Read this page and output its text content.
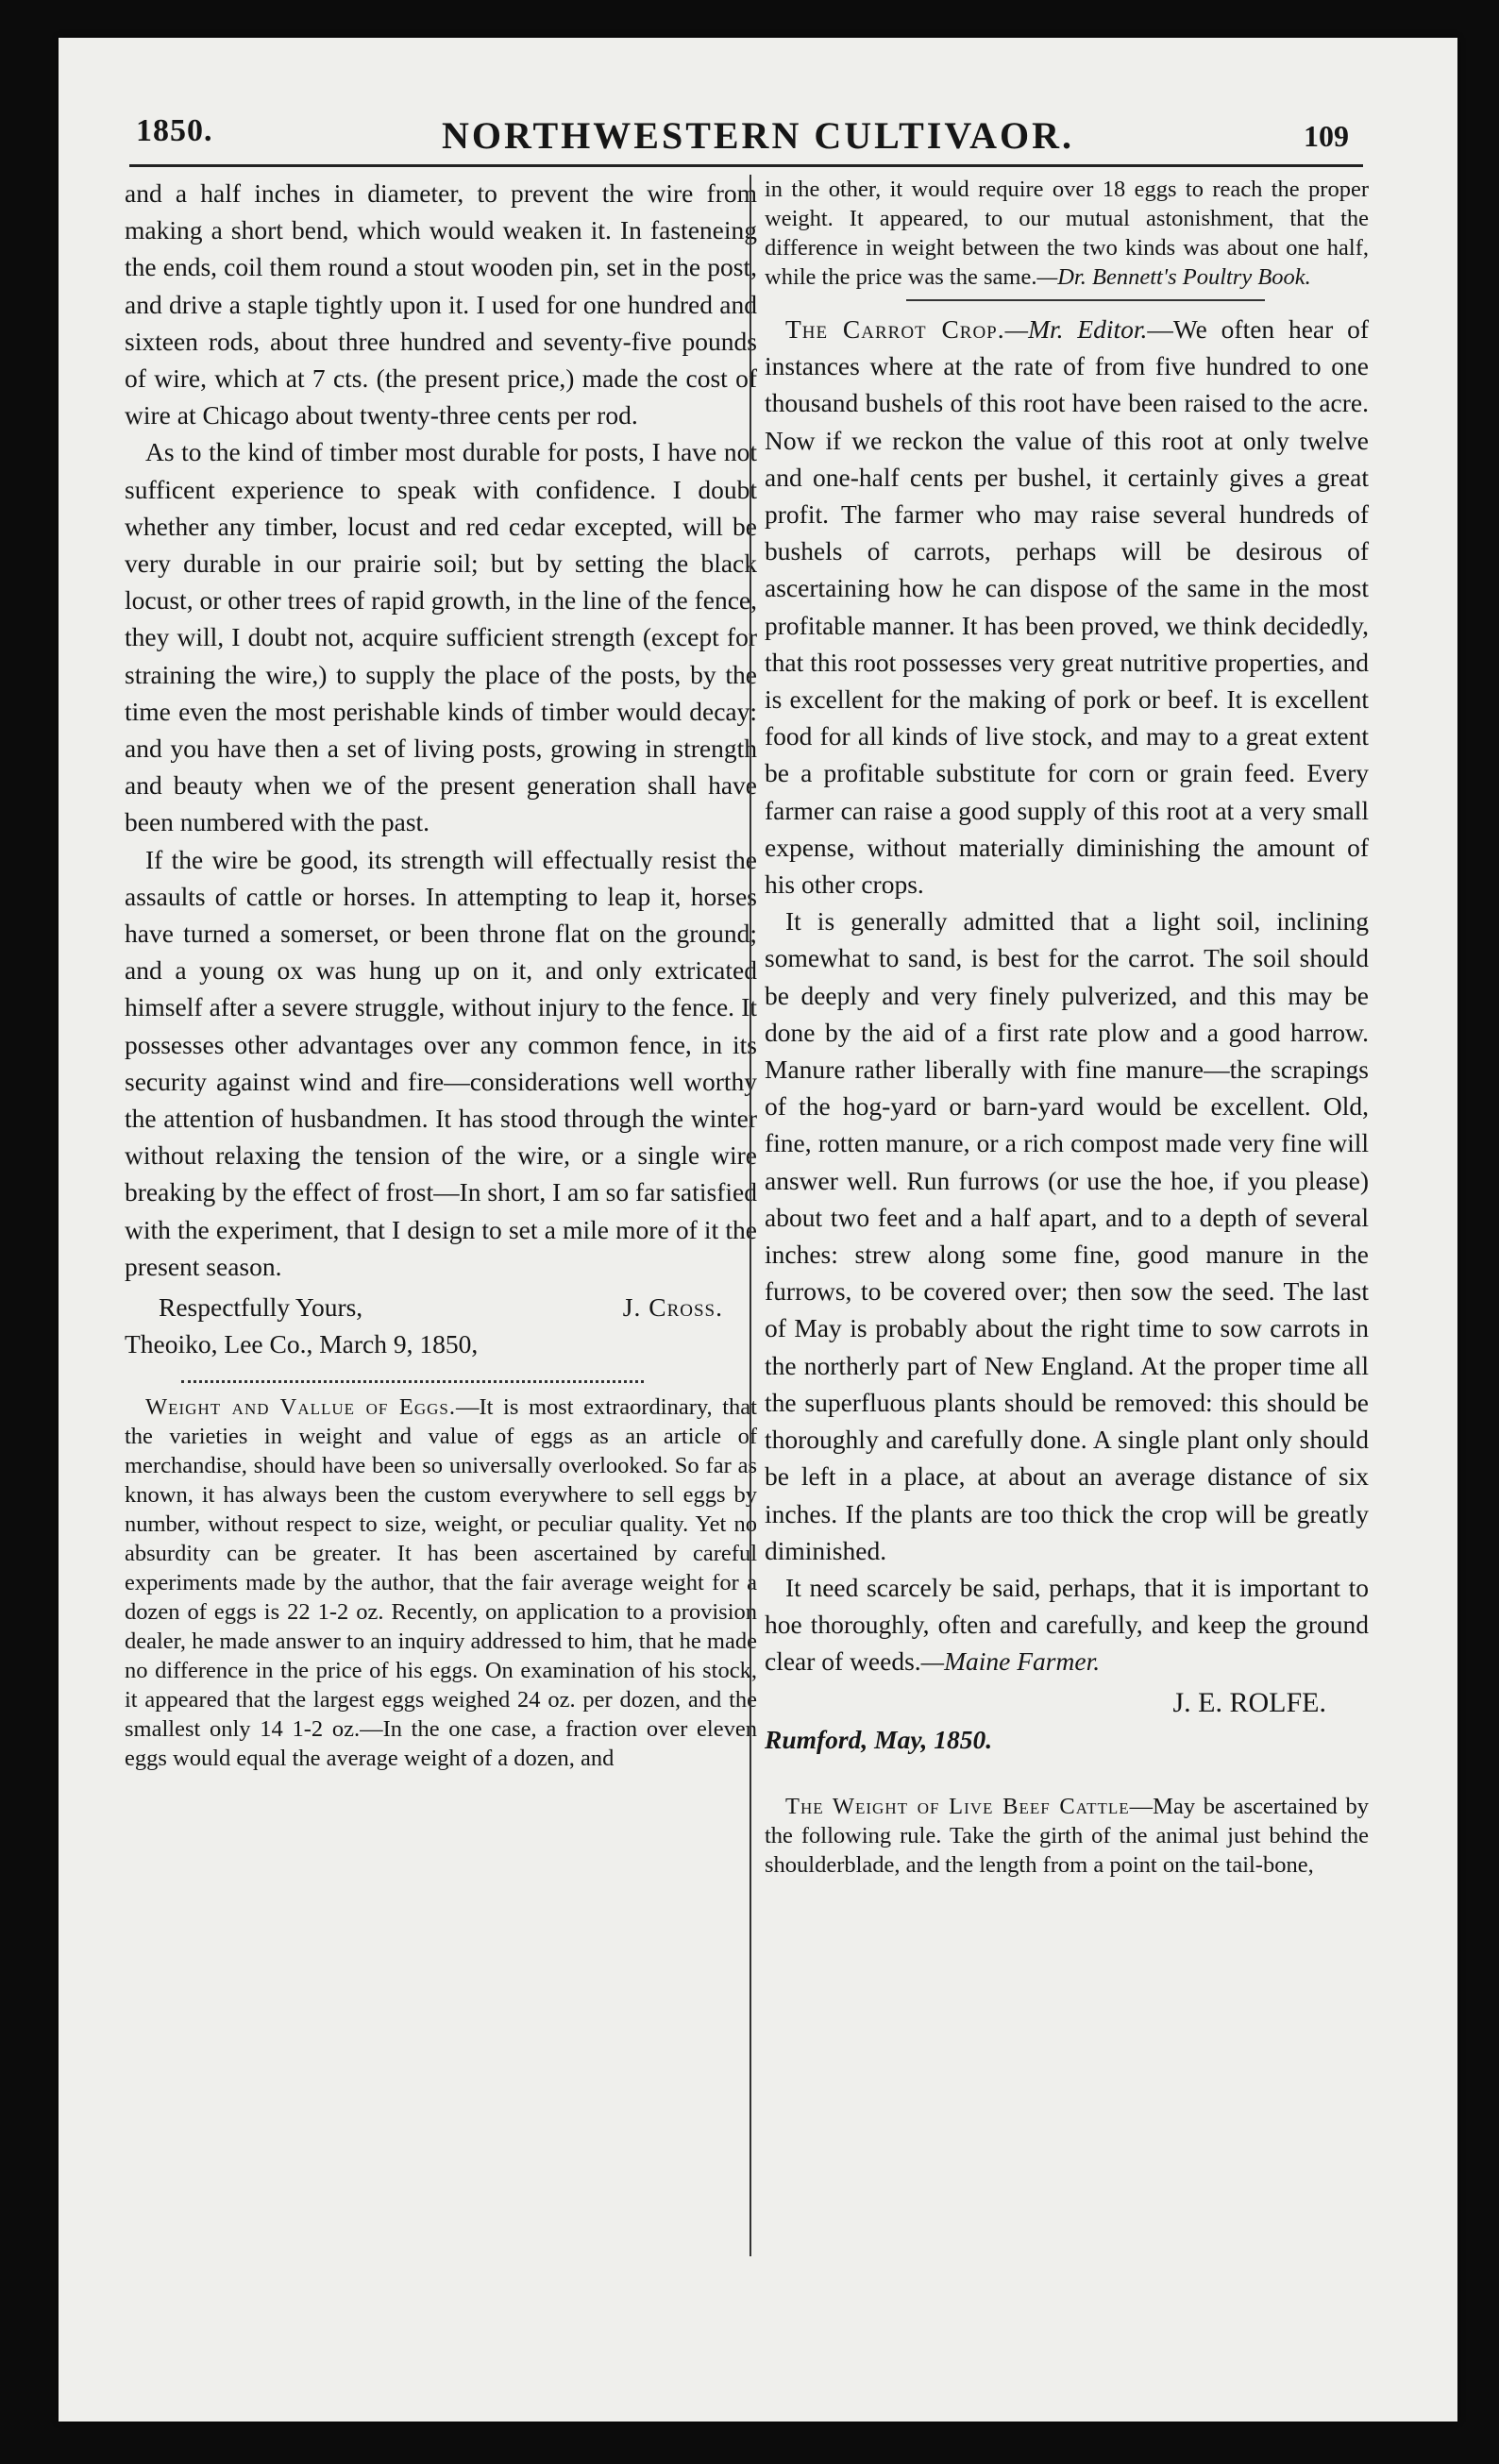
1850.	NORTHWESTERN CULTIVAOR.	109

and a half inches in diameter, to prevent the wire from making a short bend, which would weaken it. In fasteneing the ends, coil them round a stout wooden pin, set in the post, and drive a staple tightly upon it. I used for one hundred and sixteen rods, about three hundred and seventy-five pounds of wire, which at 7 cts. (the present price,) made the cost of wire at Chicago about twenty-three cents per rod.

As to the kind of timber most durable for posts, I have not sufficent experience to speak with confidence. I doubt whether any timber, locust and red cedar excepted, will be very durable in our prairie soil; but by setting the black locust, or other trees of rapid growth, in the line of the fence, they will, I doubt not, acquire sufficient strength (except for straining the wire,) to supply the place of the posts, by the time even the most perishable kinds of timber would decay: and you have then a set of living posts, growing in strength and beauty when we of the present generation shall have been numbered with the past.

If the wire be good, its strength will effectually resist the assaults of cattle or horses. In attempting to leap it, horses have turned a somerset, or been throne flat on the ground; and a young ox was hung up on it, and only extricated himself after a severe struggle, without injury to the fence. It possesses other advantages over any common fence, in its security against wind and fire—considerations well worthy the attention of husbandmen. It has stood through the winter without relaxing the tension of the wire, or a single wire breaking by the effect of frost—In short, I am so far satisfied with the experiment, that I design to set a mile more of it the present season.

Respectfully Yours,	J. Cross.

Theoiko, Lee Co., March 9, 1850,

Weight and Vallue of Eggs.—It is most extraordinary, that the varieties in weight and value of eggs as an article of merchandise, should have been so universally overlooked. So far as known, it has always been the custom everywhere to sell eggs by number, without respect to size, weight, or peculiar quality. Yet no absurdity can be greater. It has been ascertained by careful experiments made by the author, that the fair average weight for a dozen of eggs is 22 1-2 oz. Recently, on application to a provision dealer, he made answer to an inquiry addressed to him, that he made no difference in the price of his eggs. On examination of his stock, it appeared that the largest eggs weighed 24 oz. per dozen, and the smallest only 14 1-2 oz.—In the one case, a fraction over eleven eggs would equal the average weight of a dozen, and

in the other, it would require over 18 eggs to reach the proper weight. It appeared, to our mutual astonishment, that the difference in weight between the two kinds was about one half, while the price was the same.—Dr. Bennett's Poultry Book.

The Carrot Crop.—Mr. Editor.—We often hear of instances where at the rate of from five hundred to one thousand bushels of this root have been raised to the acre. Now if we reckon the value of this root at only twelve and one-half cents per bushel, it certainly gives a great profit. The farmer who may raise several hundreds of bushels of carrots, perhaps will be desirous of ascertaining how he can dispose of the same in the most profitable manner. It has been proved, we think decidedly, that this root possesses very great nutritive properties, and is excellent for the making of pork or beef. It is excellent food for all kinds of live stock, and may to a great extent be a profitable substitute for corn or grain feed. Every farmer can raise a good supply of this root at a very small expense, without materially diminishing the amount of his other crops.

It is generally admitted that a light soil, inclining somewhat to sand, is best for the carrot. The soil should be deeply and very finely pulverized, and this may be done by the aid of a first rate plow and a good harrow. Manure rather liberally with fine manure—the scrapings of the hog-yard or barn-yard would be excellent. Old, fine, rotten manure, or a rich compost made very fine will answer well. Run furrows (or use the hoe, if you please) about two feet and a half apart, and to a depth of several inches: strew along some fine, good manure in the furrows, to be covered over; then sow the seed. The last of May is probably about the right time to sow carrots in the northerly part of New England. At the proper time all the superfluous plants should be removed: this should be thoroughly and carefully done. A single plant only should be left in a place, at about an average distance of six inches. If the plants are too thick the crop will be greatly diminished.

It need scarcely be said, perhaps, that it is important to hoe thoroughly, often and carefully, and keep the ground clear of weeds.—Maine Farmer.

J. E. ROLFE.

Rumford, May, 1850.

The Weight of Live Beef Cattle—May be ascertained by the following rule. Take the girth of the animal just behind the shoulderblade, and the length from a point on the tail-bone,
